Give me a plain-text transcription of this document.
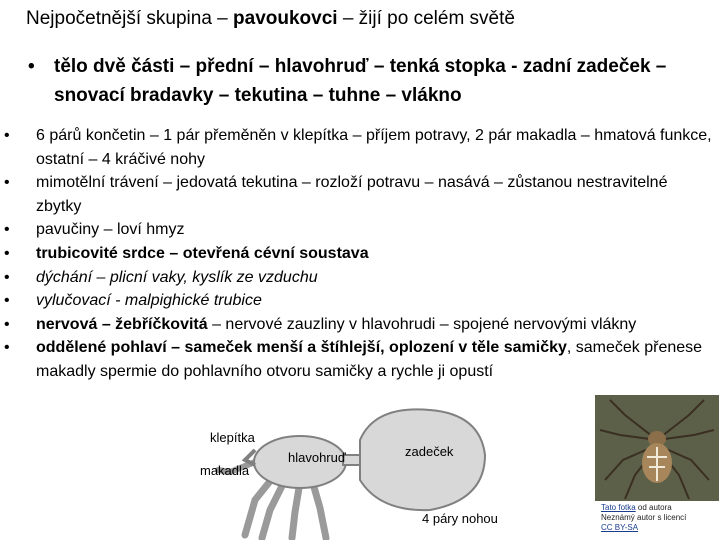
Nejpočetnější skupina – pavoukovci – žijí po celém světě
• tělo dvě části – přední – hlavohruď – tenká stopka - zadní zadeček – snovací bradavky – tekutina – tuhne – vlákno
• 6 párů končetin – 1 pár přeměněn v klepítka – příjem potravy, 2 pár makadla – hmatová funkce, ostatní – 4 kráčivé nohy
• mimotělní trávení – jedovatá tekutina – rozloží potravu – nasává – zůstanou nestravitelné zbytky
• pavučiny – loví hmyz
• trubicovité srdce – otevřená cévní soustava
• dýchání – plicní vaky, kyslík ze vzduchu
• vylučovací - malpighické trubice
• nervová – žebříčkovitá – nervové zauzliny v hlavohrudi – spojené nervovými vlákny
• oddělené pohlaví – sameček menší a štíhlejší, oplození v těle samičky, sameček přenese makadly spermie do pohlavního otvoru samičky a rychle ji opustí
klepítka
hlavohruď	zadeček
makadla
4 páry nohou
Tato fotka od autora
Neznámý autor s licencí
CC BY-SA
